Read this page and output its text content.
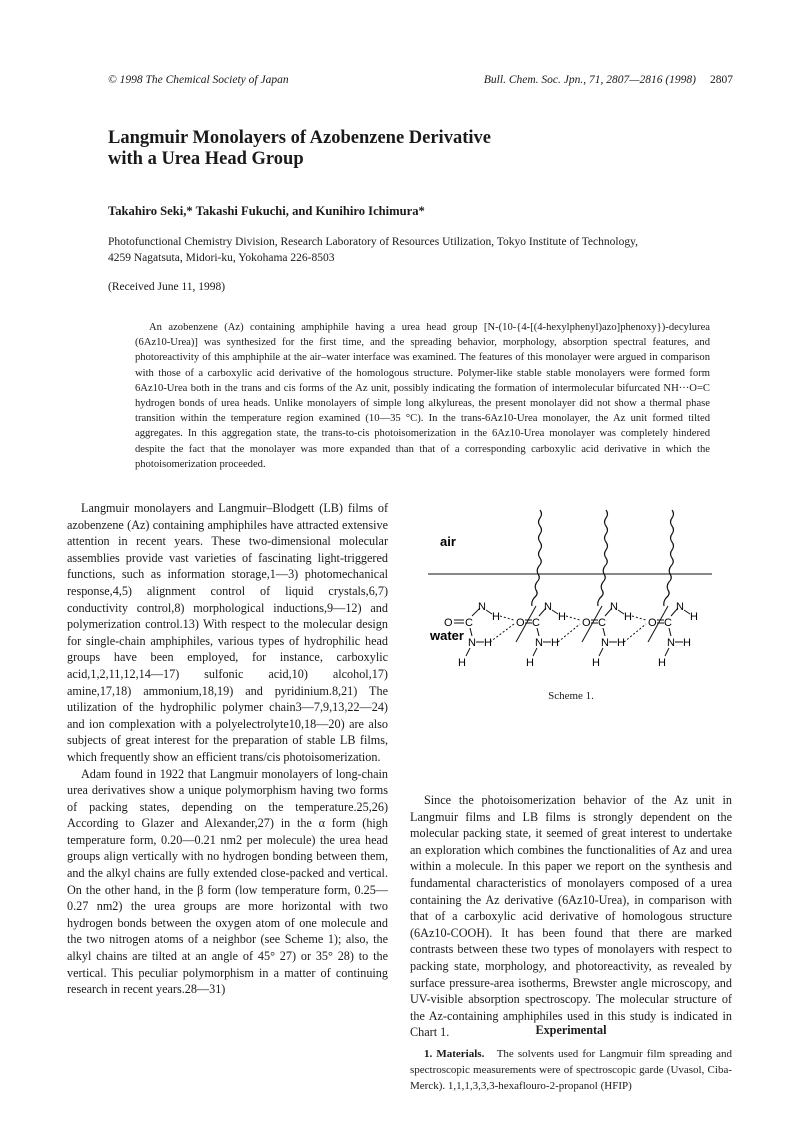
© 1998 The Chemical Society of Japan	Bull. Chem. Soc. Jpn., 71, 2807—2816 (1998) 2807
Langmuir Monolayers of Azobenzene Derivative
with a Urea Head Group
Takahiro Seki,* Takashi Fukuchi, and Kunihiro Ichimura*
Photofunctional Chemistry Division, Research Laboratory of Resources Utilization, Tokyo Institute of Technology,
4259 Nagatsuta, Midori-ku, Yokohama 226-8503
(Received June 11, 1998)

An azobenzene (Az) containing amphiphile having a urea head group [N-(10-{4-[(4-hexylphenyl)azo]phenoxy})-decylurea (6Az10-Urea)] was synthesized for the first time, and the spreading behavior, morphology, absorption spectral features, and photoreactivity of this amphiphile at the air–water interface was examined. The features of this monolayer were argued in comparison with those of a carboxylic acid derivative of the homologous structure. Polymer-like stable stable monolayers were formed form 6Az10-Urea both in the trans and cis forms of the Az unit, possibly indicating the formation of intermolecular bifurcated NH···O=C hydrogen bonds of urea heads. Unlike monolayers of simple long alkylureas, the present monolayer did not show a thermal phase transition within the temperature region examined (10—35 °C). In the trans-6Az10-Urea monolayer, the Az unit formed tilted aggregates. In this aggregation state, the trans-to-cis photoisomerization in the 6Az10-Urea monolayer was completely hindered despite the fact that the monolayer was more expanded than that of a corresponding carboxylic acid derivative in which the photoisomerization proceeded.

Langmuir monolayers and Langmuir–Blodgett (LB) films of azobenzene (Az) containing amphiphiles have attracted extensive attention in recent years. These two-dimensional molecular assemblies provide vast varieties of fascinating light-triggered functions, such as information storage,1—3) photomechanical response,4,5) alignment control of liquid crystals,6,7) conductivity control,8) morphological inductions,9—12) and polymerization control.13) With respect to the molecular design for single-chain amphiphiles, various types of hydrophilic head groups have been employed, for instance, carboxylic acid,1,2,11,12,14—17) sulfonic acid,10) alcohol,17) amine,17,18) ammonium,18,19) and pyridinium.8,21) The utilization of the hydrophilic polymer chain3—7,9,13,22—24) and ion complexation with a polyelectrolyte10,18—20) are also subjects of great interest for the preparation of stable LB films, which frequently show an efficient trans/cis photoisomerization.

Adam found in 1922 that Langmuir monolayers of long-chain urea derivatives show a unique polymorphism having two forms of packing states, depending on the temperature.25,26) According to Glazer and Alexander,27) in the α form (high temperature form, 0.20—0.21 nm2 per molecule) the urea head groups align vertically with no hydrogen bonding between them, and the alkyl chains are fully extended close-packed and vertical. On the other hand, in the β form (low temperature form, 0.25—0.27 nm2) the urea groups are more horizontal with two hydrogen bonds between the oxygen atom of one molecule and the two nitrogen atoms of a neighbor (see Scheme 1); also, the alkyl chains are tilted at an angle of 45° 27) or 35° 28) to the vertical. This peculiar polymorphism in a matter of continuing research in recent years.28—31)

air
water
O C
N
H
N H
H
O C
N
H
N H
H
O C
N
H
N H
H
O C
N
H
N H
H
Scheme 1.

Since the photoisomerization behavior of the Az unit in Langmuir films and LB films is strongly dependent on the molecular packing state, it seemed of great interest to undertake an exploration which combines the functionalities of Az and urea within a molecule. In this paper we report on the synthesis and fundamental characteristics of monolayers composed of a urea containing the Az derivative (6Az10-Urea), in comparison with that of a carboxylic acid derivative of homologous structure (6Az10-COOH). It has been found that there are marked contrasts between these two types of monolayers with respect to packing state, morphology, and photoreactivity, as revealed by surface pressure-area isotherms, Brewster angle microscopy, and UV-visible absorption spectroscopy. The molecular structure of the Az-containing amphiphiles used in this study is indicated in Chart 1.	Experimental

1. Materials. The solvents used for Langmuir film spreading and spectroscopic measurements were of spectroscopic garde (Uvasol, Ciba-Merck). 1,1,1,3,3,3-hexaflouro-2-propanol (HFIP)
